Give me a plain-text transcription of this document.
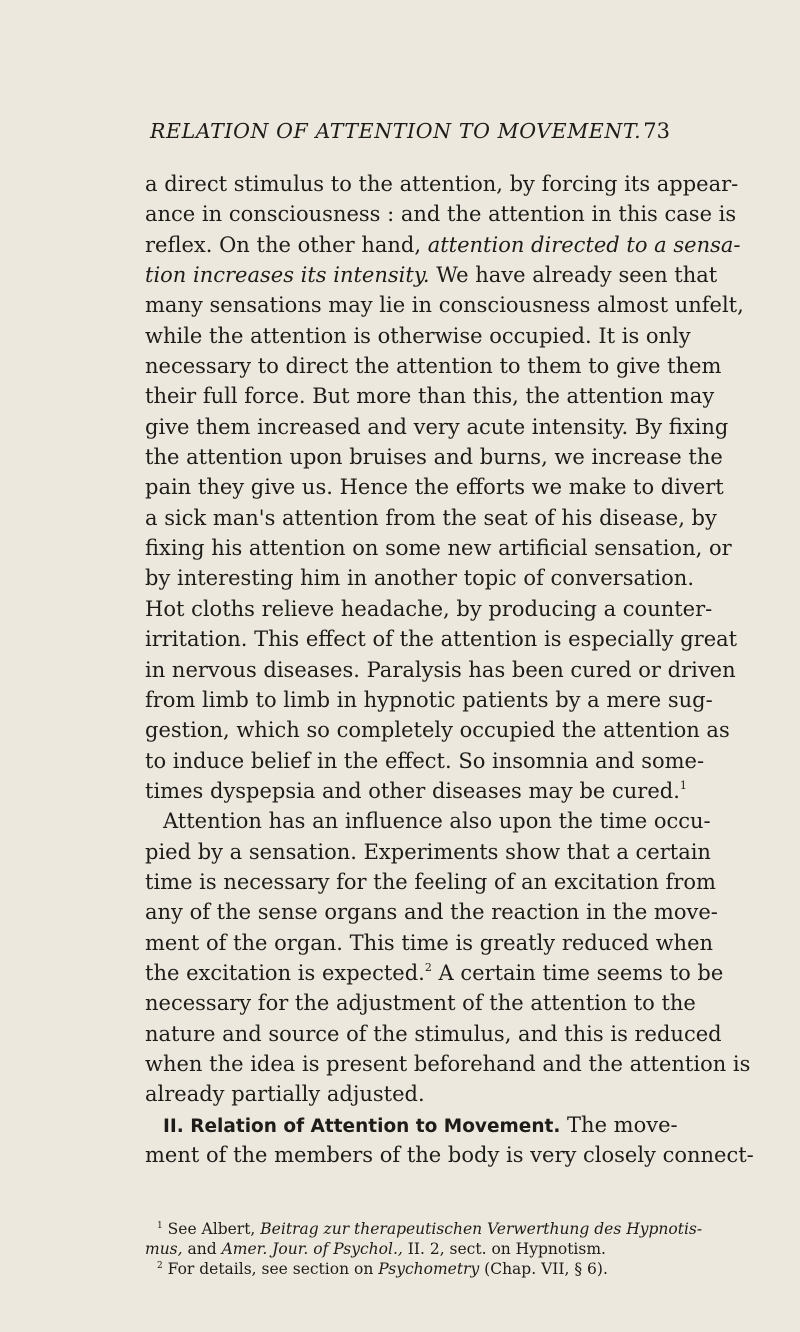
RELATION OF ATTENTION TO MOVEMENT. 73
a direct stimulus to the attention, by forcing its appear-
ance in consciousness : and the attention in this case is
reflex. On the other hand, attention directed to a sensa-
tion increases its intensity. We have already seen that
many sensations may lie in consciousness almost unfelt,
while the attention is otherwise occupied. It is only
necessary to direct the attention to them to give them
their full force. But more than this, the attention may
give them increased and very acute intensity. By fixing
the attention upon bruises and burns, we increase the
pain they give us. Hence the efforts we make to divert
a sick man's attention from the seat of his disease, by
fixing his attention on some new artificial sensation, or
by interesting him in another topic of conversation.
Hot cloths relieve headache, by producing a counter-
irritation. This effect of the attention is especially great
in nervous diseases. Paralysis has been cured or driven
from limb to limb in hypnotic patients by a mere sug-
gestion, which so completely occupied the attention as
to induce belief in the effect. So insomnia and some-
times dyspepsia and other diseases may be cured.$^1$
Attention has an influence also upon the time occu-
pied by a sensation. Experiments show that a certain
time is necessary for the feeling of an excitation from
any of the sense organs and the reaction in the move-
ment of the organ. This time is greatly reduced when
the excitation is expected.$^2$ A certain time seems to be
necessary for the adjustment of the attention to the
nature and source of the stimulus, and this is reduced
when the idea is present beforehand and the attention is
already partially adjusted.
II. Relation of Attention to Movement. The move-
ment of the members of the body is very closely connect-
$^1$ See Albert, Beitrag zur therapeutischen Verwerthung des Hypnotis-
mus, and Amer. Jour. of Psychol., II. 2, sect. on Hypnotism.
$^2$ For details, see section on Psychometry (Chap. VII, § 6).
